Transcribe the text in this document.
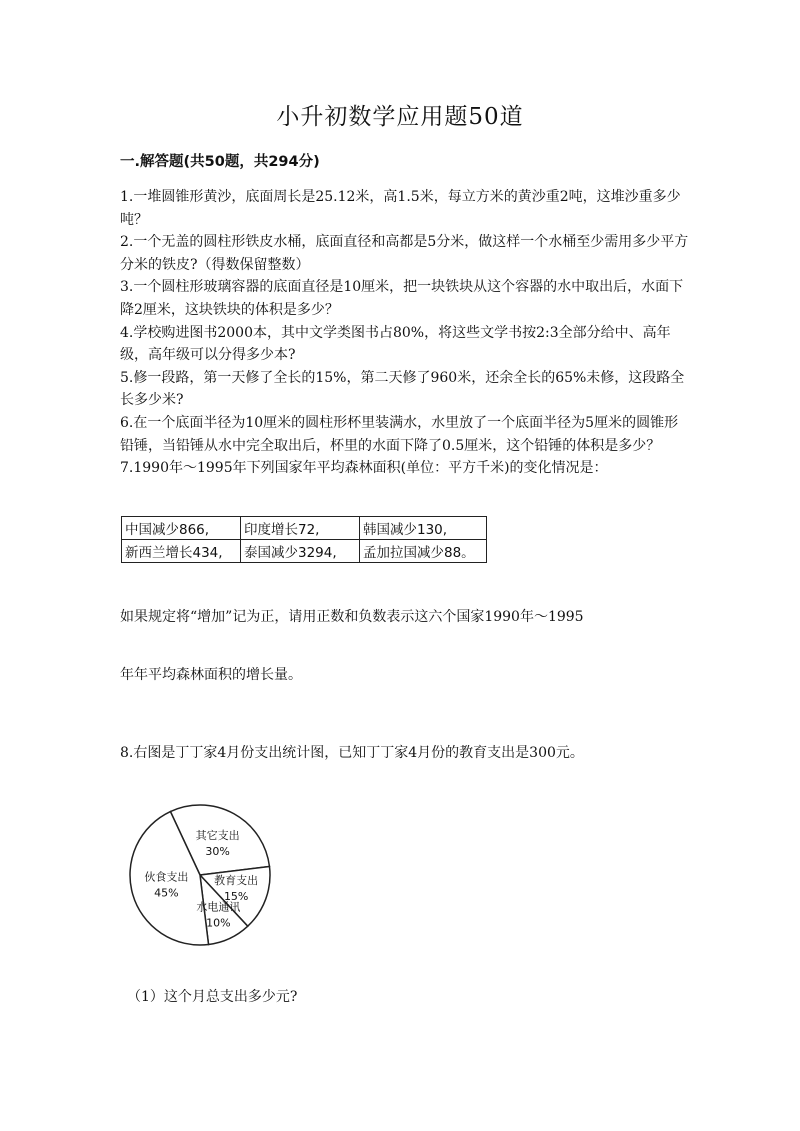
小升初数学应用题50道
一.解答题(共50题，共294分)

1.一堆圆锥形黄沙，底面周长是25.12米，高1.5米，每立方米的黄沙重2吨，这堆沙重多少吨？

2.一个无盖的圆柱形铁皮水桶，底面直径和高都是5分米，做这样一个水桶至少需用多少平方分米的铁皮?（得数保留整数）

3.一个圆柱形玻璃容器的底面直径是10厘米，把一块铁块从这个容器的水中取出后，水面下降2厘米，这块铁块的体积是多少？

4.学校购进图书2000本，其中文学类图书占80%，将这些文学书按2:3全部分给中、高年级，高年级可以分得多少本?

5.修一段路，第一天修了全长的15%，第二天修了960米，还余全长的65%未修，这段路全长多少米?

6.在一个底面半径为10厘米的圆柱形杯里装满水，水里放了一个底面半径为5厘米的圆锥形铅锤，当铅锤从水中完全取出后，杯里的水面下降了0.5厘米，这个铅锤的体积是多少？

7.1990年～1995年下列国家年平均森林面积(单位：平方千米)的变化情况是：

中国减少866,	印度增长72,	韩国减少130,
新西兰增长434,	泰国减少3294,	孟加拉国减少88。
如果规定将“增加”记为正，请用正数和负数表示这六个国家1990年～1995
年年平均森林面积的增长量。
8.右图是丁丁家4月份支出统计图，已知丁丁家4月份的教育支出是300元。
其它支出
30%
教育支出
15%
水电通讯
10%
伙食支出
45%
（1）这个月总支出多少元?
